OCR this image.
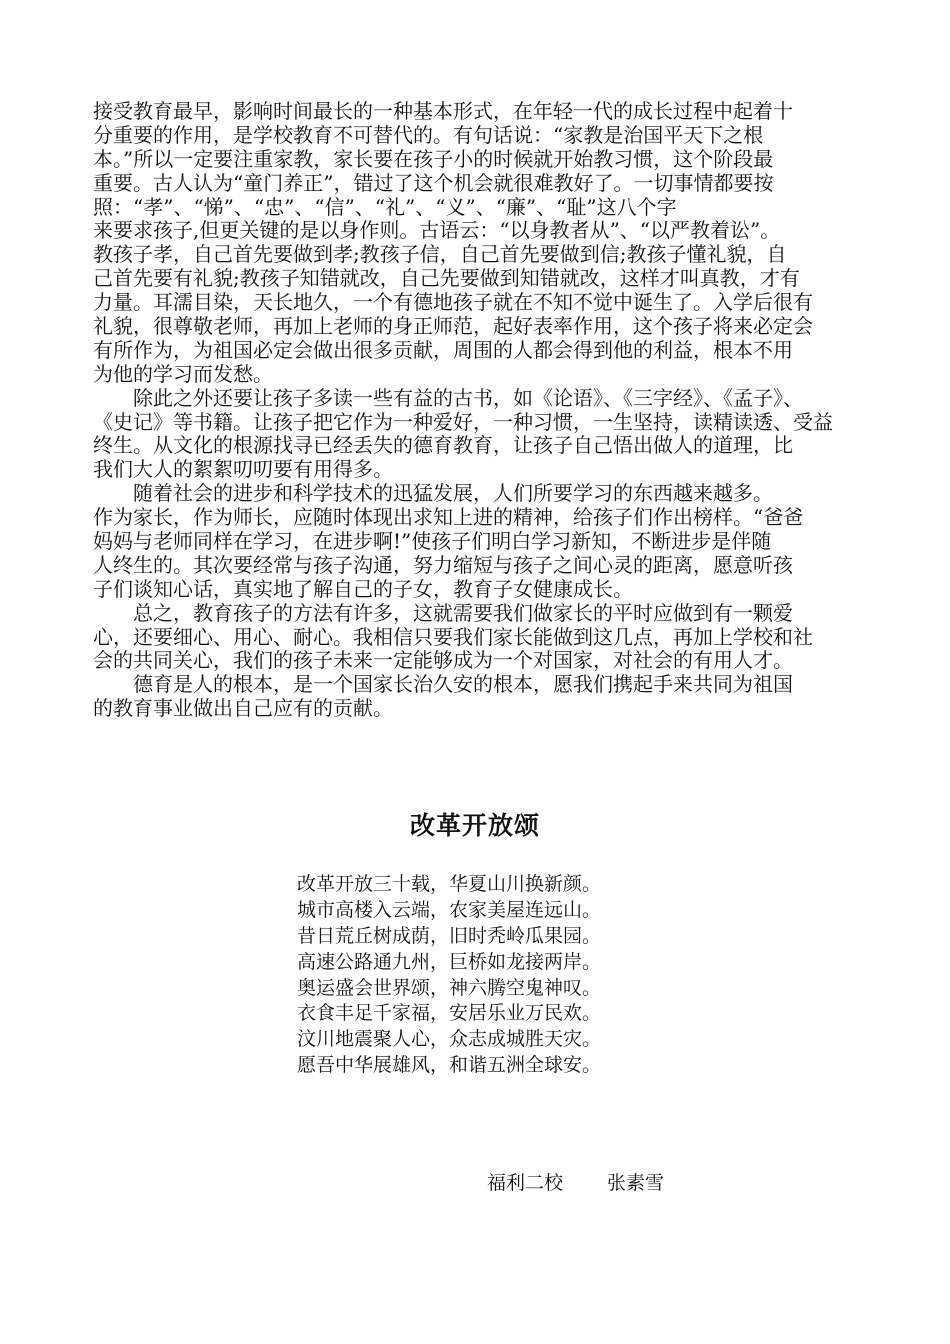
接受教育最早，影响时间最长的一种基本形式，在年轻一代的成长过程中起着十
分重要的作用，是学校教育不可替代的。有句话说：“家教是治国平天下之根
本。”所以一定要注重家教，家长要在孩子小的时候就开始教习惯，这个阶段最
重要。古人认为“童门养正”，错过了这个机会就很难教好了。一切事情都要按
照：“孝”、“悌”、“忠”、“信”、“礼”、“义”、“廉”、“耻”这八个字
来要求孩子,但更关键的是以身作则。古语云：“以身教者从”、“以严教着讼”。
教孩子孝，自己首先要做到孝;教孩子信，自己首先要做到信;教孩子懂礼貌，自
己首先要有礼貌;教孩子知错就改，自己先要做到知错就改，这样才叫真教，才有
力量。耳濡目染，天长地久，一个有德地孩子就在不知不觉中诞生了。入学后很有
礼貌，很尊敬老师，再加上老师的身正师范，起好表率作用，这个孩子将来必定会
有所作为，为祖国必定会做出很多贡献，周围的人都会得到他的利益，根本不用
为他的学习而发愁。
除此之外还要让孩子多读一些有益的古书，如《论语》、《三字经》、《孟子》、
《史记》等书籍。让孩子把它作为一种爱好，一种习惯，一生坚持，读精读透、受益
终生。从文化的根源找寻已经丢失的德育教育，让孩子自己悟出做人的道理，比
我们大人的絮絮叨叨要有用得多。
随着社会的进步和科学技术的迅猛发展，人们所要学习的东西越来越多。
作为家长，作为师长，应随时体现出求知上进的精神，给孩子们作出榜样。“爸爸
妈妈与老师同样在学习，在进步啊!”使孩子们明白学习新知，不断进步是伴随
人终生的。其次要经常与孩子沟通，努力缩短与孩子之间心灵的距离，愿意听孩
子们谈知心话，真实地了解自己的子女，教育子女健康成长。
总之，教育孩子的方法有许多，这就需要我们做家长的平时应做到有一颗爱
心，还要细心、用心、耐心。我相信只要我们家长能做到这几点，再加上学校和社
会的共同关心，我们的孩子未来一定能够成为一个对国家，对社会的有用人才。
德育是人的根本，是一个国家长治久安的根本，愿我们携起手来共同为祖国
的教育事业做出自己应有的贡献。
改革开放颂
改革开放三十载，华夏山川换新颜。
城市高楼入云端，农家美屋连远山。
昔日荒丘树成荫，旧时秃岭瓜果园。
高速公路通九州，巨桥如龙接两岸。
奥运盛会世界颂，神六腾空鬼神叹。
衣食丰足千家福，安居乐业万民欢。
汶川地震聚人心，众志成城胜天灾。
愿吾中华展雄风，和谐五洲全球安。
福利二校 张素雪
